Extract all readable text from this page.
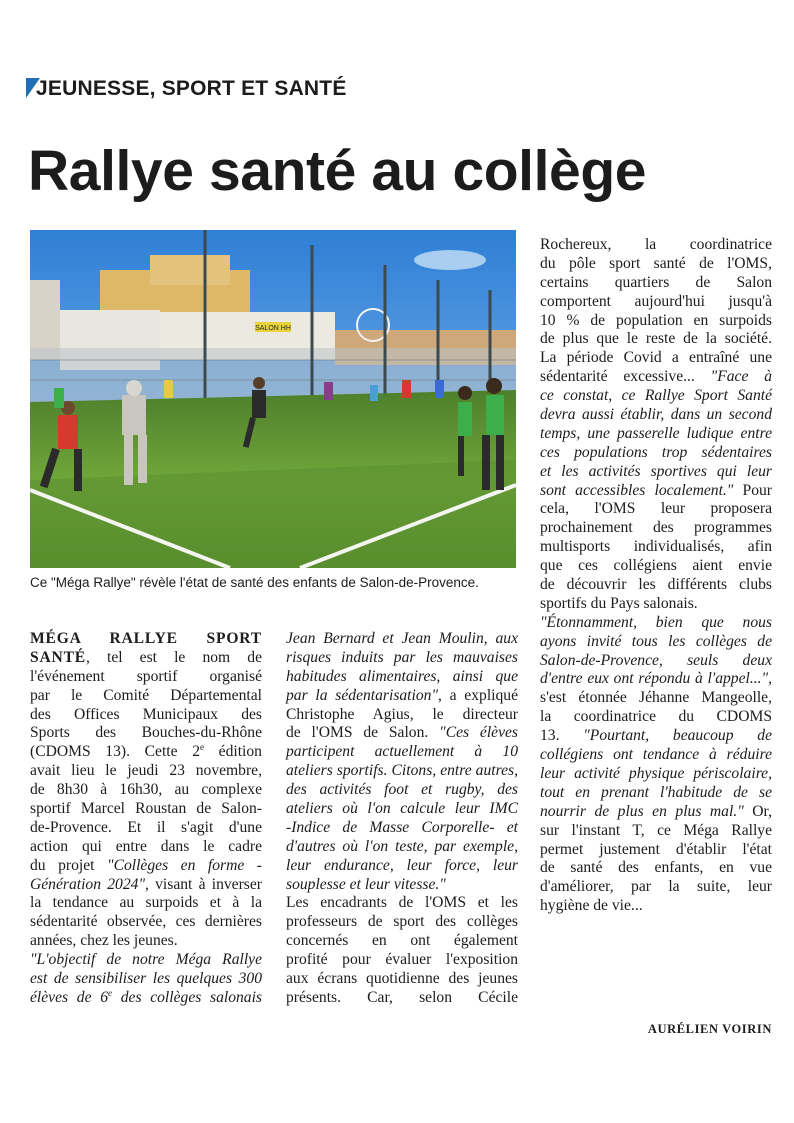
JEUNESSE, SPORT ET SANTÉ
Rallye santé au collège
SALON HH
Ce "Méga Rallye" révèle l'état de santé des enfants de Salon-de-Provence.
MÉGA RALLYE SPORT
SANTÉ, tel est le nom de
l'événement sportif organisé
par le Comité Départemental
des Offices Municipaux des
Sports des Bouches-du-Rhône
(CDOMS 13). Cette 2e édition
avait lieu le jeudi 23 novembre,
de 8h30 à 16h30, au complexe
sportif Marcel Roustan de Salon-
de-Provence. Et il s'agit d'une
action qui entre dans le cadre
du projet "Collèges en forme -
Génération 2024", visant à inverser
la tendance au surpoids et à la
sédentarité observée, ces dernières
années, chez les jeunes.
"L'objectif de notre Méga Rallye
est de sensibiliser les quelques 300
élèves de 6e des collèges salonais
Jean Bernard et Jean Moulin, aux
risques induits par les mauvaises
habitudes alimentaires, ainsi que
par la sédentarisation", a expliqué
Christophe Agius, le directeur
de l'OMS de Salon. "Ces élèves
participent actuellement à 10
ateliers sportifs. Citons, entre autres,
des activités foot et rugby, des
ateliers où l'on calcule leur IMC
-Indice de Masse Corporelle- et
d'autres où l'on teste, par exemple,
leur endurance, leur force, leur
souplesse et leur vitesse."
Les encadrants de l'OMS et les
professeurs de sport des collèges
concernés en ont également
profité pour évaluer l'exposition
aux écrans quotidienne des jeunes
présents. Car, selon Cécile
Rochereux, la coordinatrice
du pôle sport santé de l'OMS,
certains quartiers de Salon
comportent aujourd'hui jusqu'à
10 % de population en surpoids
de plus que le reste de la société.
La période Covid a entraîné une
sédentarité excessive... "Face à
ce constat, ce Rallye Sport Santé
devra aussi établir, dans un second
temps, une passerelle ludique entre
ces populations trop sédentaires
et les activités sportives qui leur
sont accessibles localement." Pour
cela, l'OMS leur proposera
prochainement des programmes
multisports individualisés, afin
que ces collégiens aient envie
de découvrir les différents clubs
sportifs du Pays salonais.
"Étonnamment, bien que nous
ayons invité tous les collèges de
Salon-de-Provence, seuls deux
d'entre eux ont répondu à l'appel...",
s'est étonnée Jéhanne Mangeolle,
la coordinatrice du CDOMS
13. "Pourtant, beaucoup de
collégiens ont tendance à réduire
leur activité physique périscolaire,
tout en prenant l'habitude de se
nourrir de plus en plus mal." Or,
sur l'instant T, ce Méga Rallye
permet justement d'établir l'état
de santé des enfants, en vue
d'améliorer, par la suite, leur
hygiène de vie...
AURÉLIEN VOIRIN
